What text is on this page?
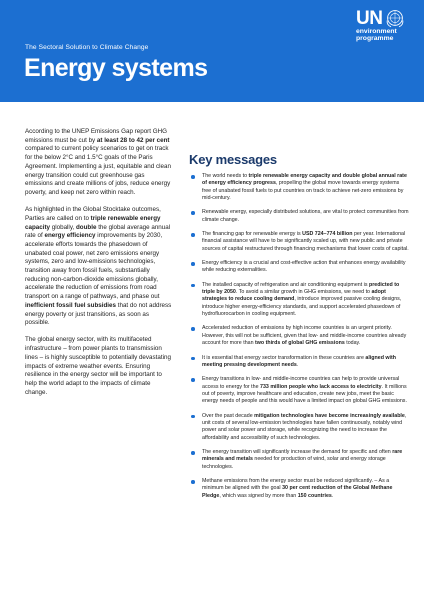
UN
environment
programme
The Sectoral Solution to Climate Change
Energy systems

According to the UNEP Emissions Gap report GHG emissions must be cut by at least 28 to 42 per cent compared to current policy scenarios to get on track for the below 2°C and 1.5°C goals of the Paris Agreement. Implementing a just, equitable and clean energy transition could cut greenhouse gas emissions and create millions of jobs, reduce energy poverty, and keep net zero within reach.

As highlighted in the Global Stocktake outcomes, Parties are called on to triple renewable energy capacity globally, double the global average annual rate of energy efficiency improvements by 2030, accelerate efforts towards the phasedown of unabated coal power, net zero emissions energy systems, zero and low-emissions technologies, transition away from fossil fuels, substantially reducing non-carbon-dioxide emissions globally, accelerate the reduction of emissions from road transport on a range of pathways, and phase out inefficient fossil fuel subsidies that do not address energy poverty or just transitions, as soon as possible.

The global energy sector, with its multifaceted infrastructure – from power plants to transmission lines – is highly susceptible to potentially devastating impacts of extreme weather events. Ensuring resilience in the energy sector will be important to help the world adapt to the impacts of climate change.

Key messages
The world needs to triple renewable energy capacity and double global annual rate of energy efficiency progress, propelling the global move towards energy systems free of unabated fossil fuels to put countries on track to achieve net-zero emissions by mid-century.
Renewable energy, especially distributed solutions, are vital to protect communities from climate change.
The financing gap for renewable energy is USD 724–774 billion per year. International financial assistance will have to be significantly scaled up, with new public and private sources of capital restructured through financing mechanisms that lower costs of capital.
Energy efficiency is a crucial and cost-effective action that enhances energy availability while reducing externalities.
The installed capacity of refrigeration and air conditioning equipment is predicted to triple by 2050. To avoid a similar growth in GHG emissions, we need to adopt strategies to reduce cooling demand, introduce improved passive cooling designs, introduce higher energy-efficiency standards, and support accelerated phasedown of hydrofluorocarbon in cooling equipment.
Accelerated reduction of emissions by high income countries is an urgent priority. However, this will not be sufficient, given that low- and middle-income countries already account for more than two thirds of global GHG emissions today.
It is essential that energy sector transformation in these countries are aligned with meeting pressing development needs.
Energy transitions in low- and middle-income countries can help to provide universal access to energy for the 733 million people who lack access to electricity. It millions out of poverty, improve healthcare and education, create new jobs, meet the basic energy needs of people and this would have a limited impact on global GHG emissions.
Over the past decade mitigation technologies have become increasingly available, unit costs of several low-emission technologies have fallen continuously, notably wind power and solar power and storage, while recognizing the need to increase the affordability and accessibility of such technologies.
The energy transition will significantly increase the demand for specific and often rare minerals and metals needed for production of wind, solar and energy storage technologies.
Methane emissions from the energy sector must be reduced significantly. – As a minimum be aligned with the goal 30 per cent reduction of the Global Methane Pledge, which was signed by more than 150 countries.
